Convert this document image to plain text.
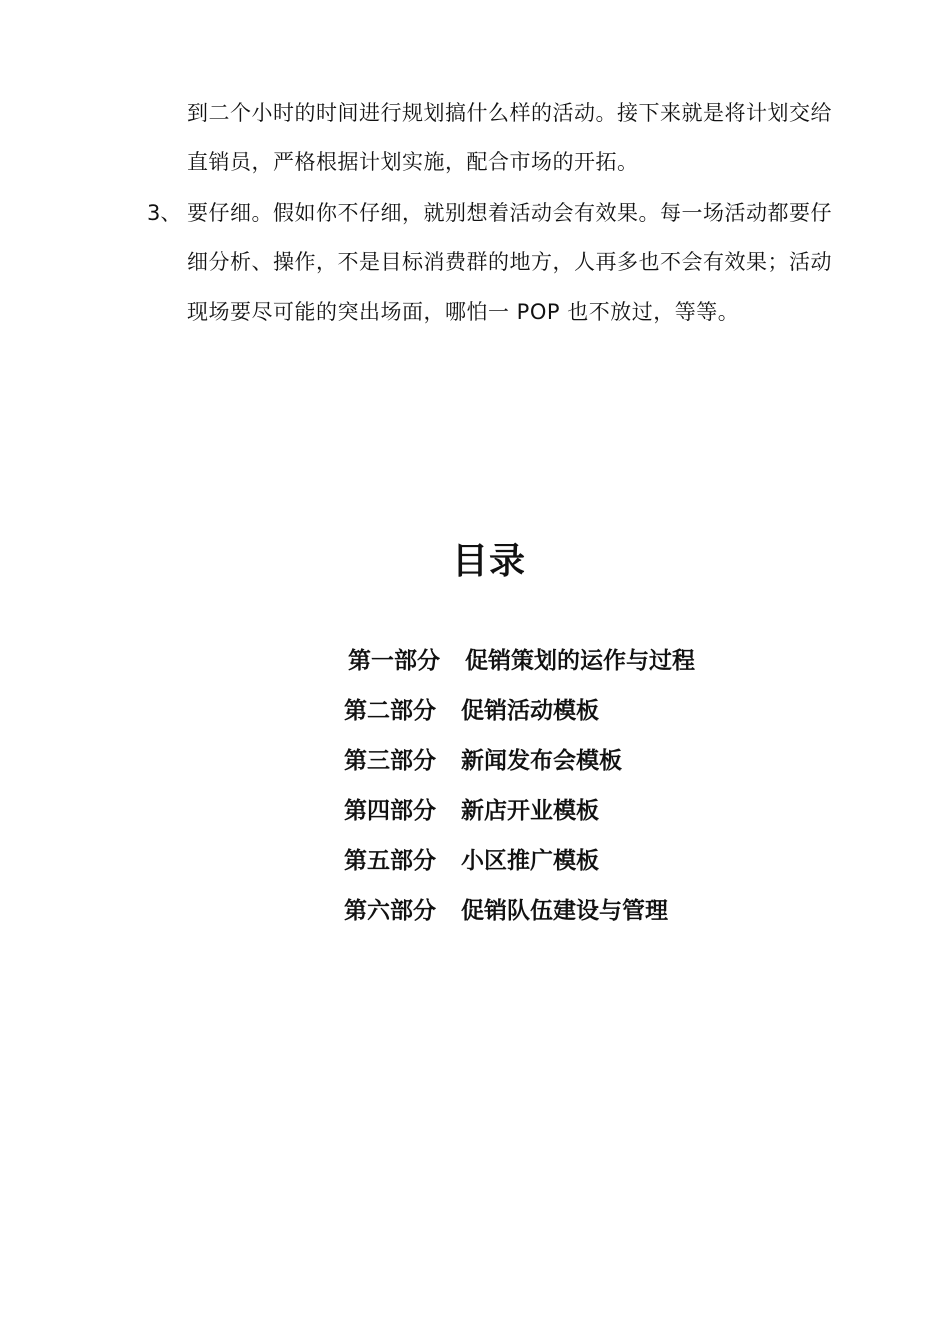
到二个小时的时间进行规划搞什么样的活动。接下来就是将计划交给
直销员，严格根据计划实施，配合市场的开拓。
3、 要仔细。假如你不仔细，就别想着活动会有效果。每一场活动都要仔
细分析、操作，不是目标消费群的地方，人再多也不会有效果；活动
现场要尽可能的突出场面，哪怕一 POP 也不放过，等等。
目录
第一部分 促销策划的运作与过程
第二部分 促销活动模板
第三部分 新闻发布会模板
第四部分 新店开业模板
第五部分 小区推广模板
第六部分 促销队伍建设与管理
